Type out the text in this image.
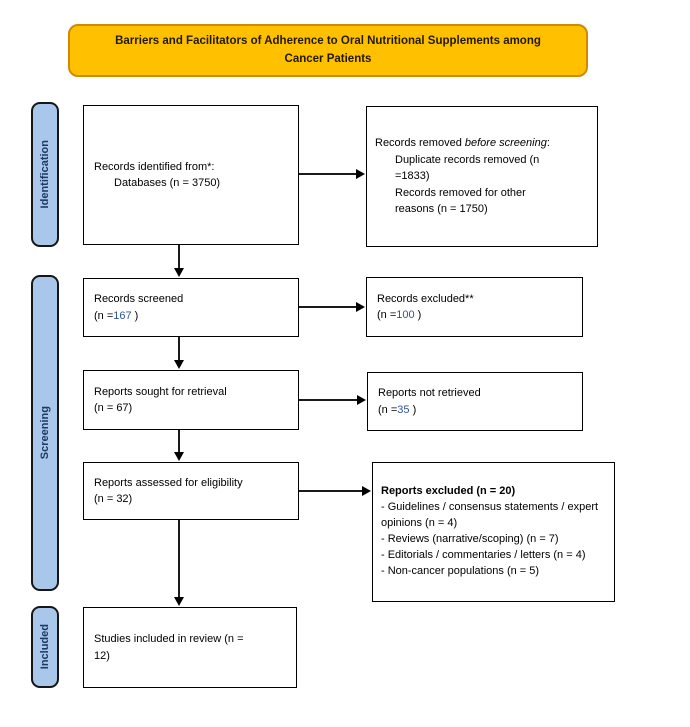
Barriers and Facilitators of Adherence to Oral Nutritional Supplements among Cancer Patients
Identification
Screening
Included
Records identified from*:
Databases (n = 3750)
Records removed before screening:
Duplicate records removed (n
=1833)
Records removed for other
reasons (n = 1750)
Records screened
(n =167 )
Records excluded**
(n =100 )
Reports sought for retrieval
(n = 67)
Reports not retrieved
(n =35 )
Reports assessed for eligibility
(n = 32)
Reports excluded (n = 20)
- Guidelines / consensus statements / expert opinions (n = 4)
- Reviews (narrative/scoping) (n = 7)
- Editorials / commentaries / letters (n = 4)
- Non-cancer populations (n = 5)
Studies included in review (n =
12)
